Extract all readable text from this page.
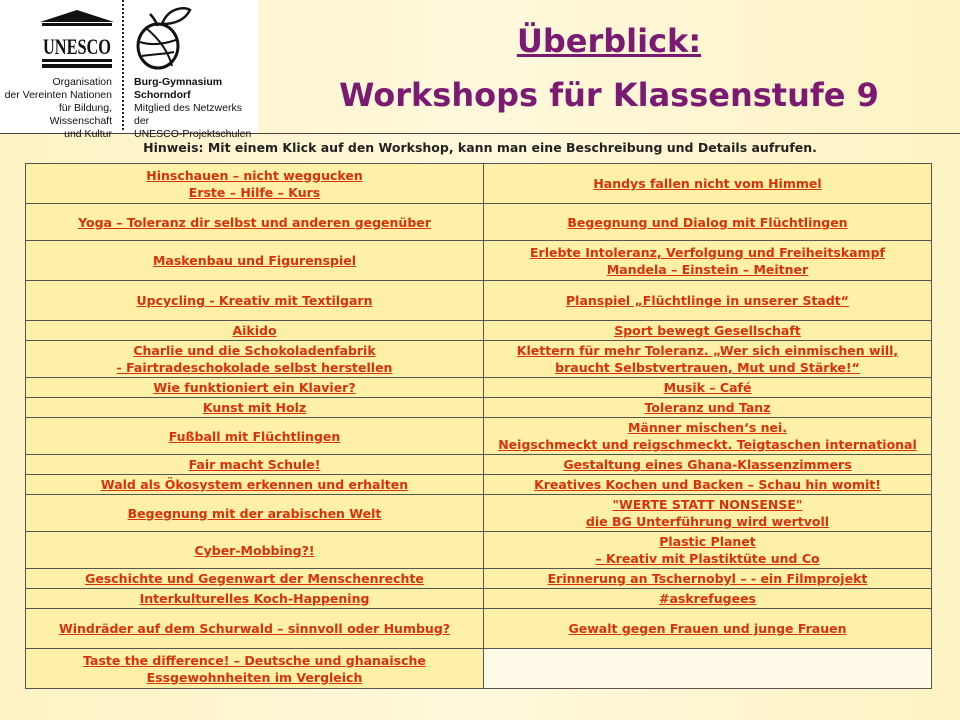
UNESCO
Organisation
der Vereinten Nationen
für Bildung, Wissenschaft
und Kultur
Burg-Gymnasium
Schorndorf
Mitglied des Netzwerks der
UNESCO-Projektschulen
Überblick:
Workshops für Klassenstufe 9
Hinweis: Mit einem Klick auf den Workshop, kann man eine Beschreibung und Details aufrufen.
Hinschauen – nicht weggucken
Erste – Hilfe – Kurs	Handys fallen nicht vom Himmel

Yoga – Toleranz dir selbst und anderen gegenüber	Begegnung und Dialog mit Flüchtlingen

Maskenbau und Figurenspiel	Erlebte Intoleranz, Verfolgung und Freiheitskampf
Mandela – Einstein – Meitner

Upcycling - Kreativ mit Textilgarn	Planspiel „Flüchtlinge in unserer Stadt“

Aikido	Sport bewegt Gesellschaft

Charlie und die Schokoladenfabrik
- Fairtradeschokolade selbst herstellen	Klettern für mehr Toleranz. „Wer sich einmischen will,
braucht Selbstvertrauen, Mut und Stärke!“

Wie funktioniert ein Klavier?	Musik – Café

Kunst mit Holz	Toleranz und Tanz

Fußball mit Flüchtlingen	Männer mischen‘s nei.
Neigschmeckt und reigschmeckt. Teigtaschen international

Fair macht Schule!	Gestaltung eines Ghana-Klassenzimmers

Wald als Ökosystem erkennen und erhalten	Kreatives Kochen und Backen – Schau hin womit!

Begegnung mit der arabischen Welt	"WERTE STATT NONSENSE"
die BG Unterführung wird wertvoll

Cyber-Mobbing?!	Plastic Planet
– Kreativ mit Plastiktüte und Co

Geschichte und Gegenwart der Menschenrechte	Erinnerung an Tschernobyl – - ein Filmprojekt

Interkulturelles Koch-Happening	#askrefugees

Windräder auf dem Schurwald – sinnvoll oder Humbug?	Gewalt gegen Frauen und junge Frauen

Taste the difference! – Deutsche und ghanaische
Essgewohnheiten im Vergleich	
